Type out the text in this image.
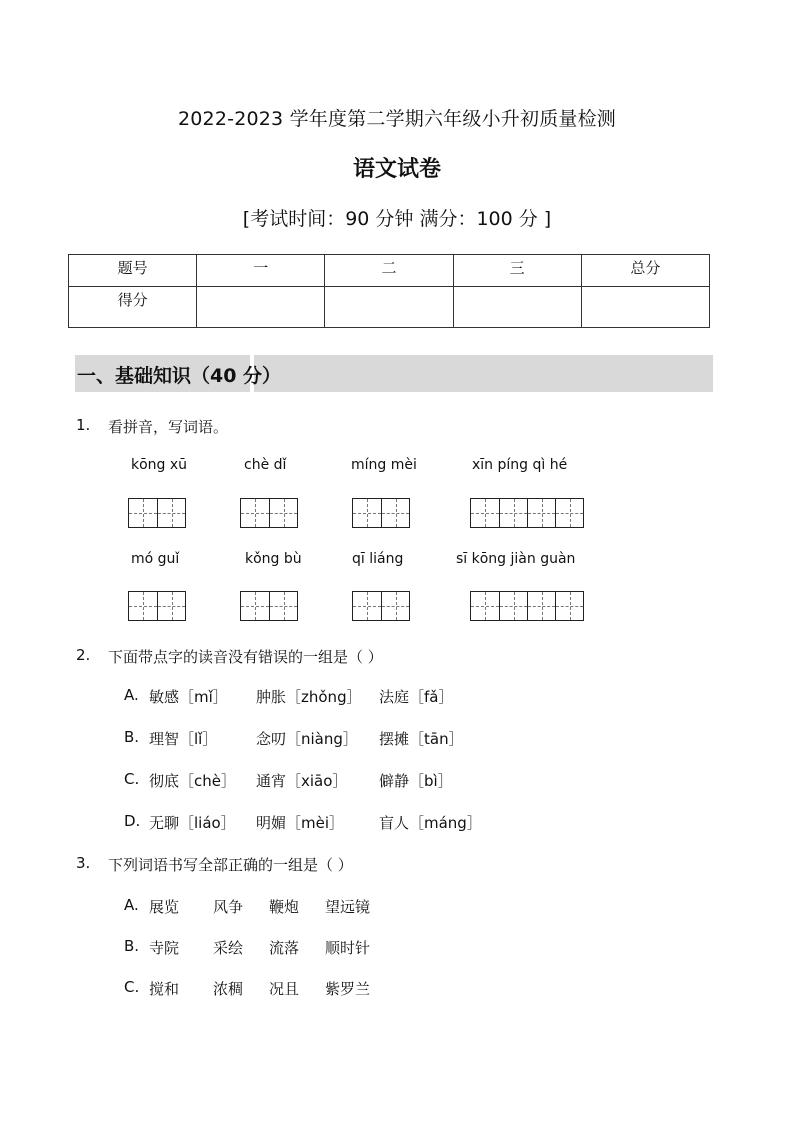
2022-2023 学年度第二学期六年级小升初质量检测
语文试卷
[考试时间：90 分钟 满分：100 分 ]
题号	一	二	三	总分
得分				
一、基础知识（40 分）
1. 看拼音，写词语。
kōng xū	chè dǐ	míng mèi	xīn píng qì hé
mó guǐ	kǒng bù	qī liáng	sī kōng jiàn guàn
2. 下面带点字的读音没有错误的一组是（ ）
A. 敏感［mǐ］ 肿胀［zhǒng］ 法庭［fǎ］
B. 理智［lǐ］	念叨［niàng］ 摆摊［tān］
C. 彻底［chè］ 通宵［xiāo］ 僻静［bì］
D. 无聊［liáo］ 明媚［mèi］ 盲人［máng］
3. 下列词语书写全部正确的一组是（ ）
A. 展览 风争 鞭炮 望远镜
B. 寺院 采绘 流落 顺时针
C. 搅和 浓稠 况且 紫罗兰
